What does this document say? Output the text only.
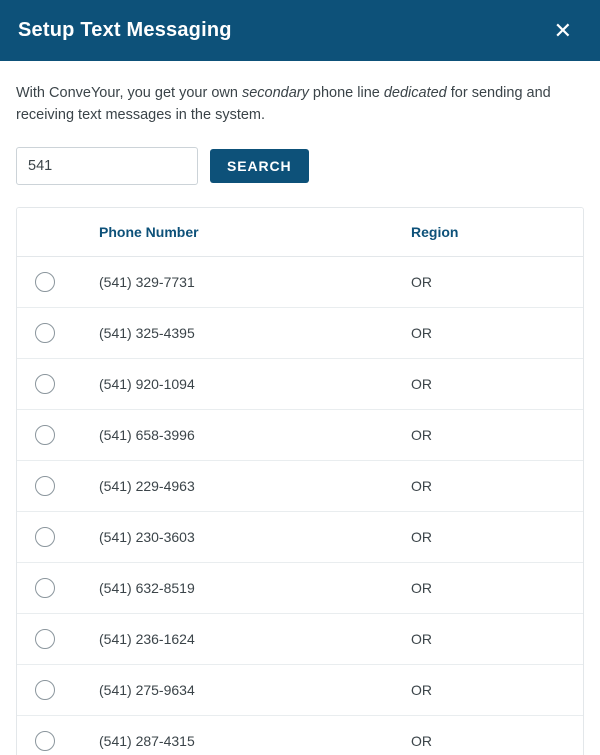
Setup Text Messaging	✕

With ConveYour, you get your own secondary phone line dedicated for sending and receiving text messages in the system.

541
SEARCH
	Phone Number	Region
	(541) 329-7731	OR
	(541) 325-4395	OR
	(541) 920-1094	OR
	(541) 658-3996	OR
	(541) 229-4963	OR
	(541) 230-3603	OR
	(541) 632-8519	OR
	(541) 236-1624	OR
	(541) 275-9634	OR
	(541) 287-4315	OR
